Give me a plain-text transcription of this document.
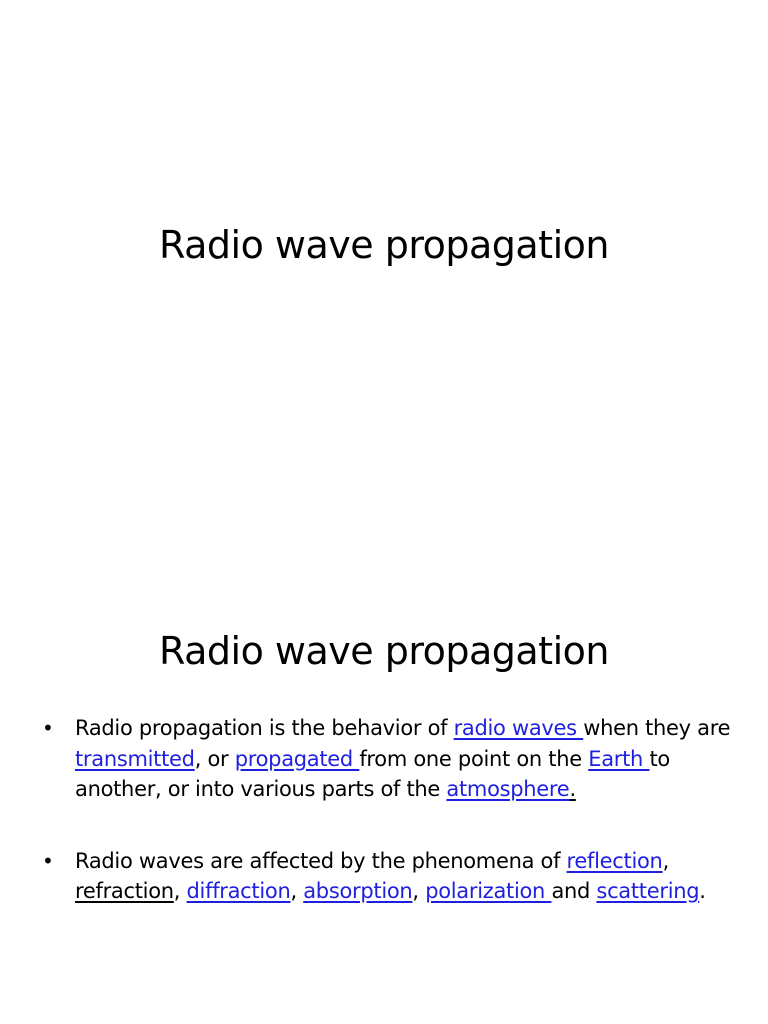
Radio wave propagation
Radio wave propagation
• Radio propagation is the behavior of radio waves when they are transmitted, or propagated from one point on the Earth to another, or into various parts of the atmosphere.
• Radio waves are affected by the phenomena of reflection, refraction, diffraction, absorption, polarization and scattering.
